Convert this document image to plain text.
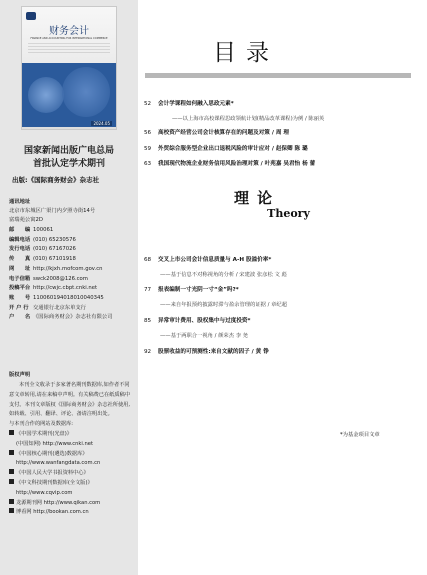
财务会计
FINANCE AND ACCOUNTING FOR INTERNATIONAL COMMERCE
2024.05
国家新闻出版广电总局
首批认定学术期刊
出版:《国际商务财会》杂志社
通讯地址
北京市东城区广渠门内夕照寺街14号
富瑞苑公寓2D
邮　　编 100061
编辑电话 (010) 65230576
发行电话 (010) 67167026
传　　真 (010) 67101918
网　　址 http://kjxh.mofcom.gov.cn
电子信箱 swck2008@126.com
投稿平台 http://cwjc.cbpt.cnki.net
账　　号 110060194018010040345
开 户 行 交通银行北京东单支行
户　　名 《国际商务财会》杂志社有限公司
版权声明

本刊全文收录于多家著名期刊数据库,如作者不同意文章转用,请在来稿中声明。有关稿费已在纸质稿中支付。本刊文章版权《国际商务财会》杂志社所使用,如转载、引用、翻译、评论、备请注明出处。

与本刊合作的网站及数据库:
《中国学术期刊(光盘)》
(中国知网) http://www.cnki.net
《中国核心期刊(遴选)数据库》
http://www.wanfangdata.com.cn
《中国人民大学书报资料中心》
《中文科技期刊数据库(全文版)》
http://www.cqvip.com
龙源期刊网 http://www.qikan.com
博看网 http://bookan.com.cn
目录
52 会计学课程如何融入思政元素*
——以上海市高校课程思政领航计划(精品改革课程)为例 / 陈丽英
56 高校资产经营公司会计核算存在的问题及对策 / 周 理
59 外贸综合服务型企业出口退税风险的审计应对 / 赵保卿 陈 璐
63 我国现代物流企业财务信用风险治理对策 / 叶苑嘉 吴君怡 杨 蕾
理论
Theory
68 交叉上市公司会计信息质量与 A-H 股溢价率*
——基于信息不对称视角的分析 / 宋建波 张彦松 文 彪
77 报表编制一寸光阴一寸“金”吗?*
——来自年报预约披露时滞与盈余管理的证据 / 章纪超
85 异常审计费用、股权集中与过度投资*
——基于两职合一视角 / 颜荣杰 李 尧
92 股票收益的可预测性:来自文献的因子 / 黄 铮
*为基金项目文章
